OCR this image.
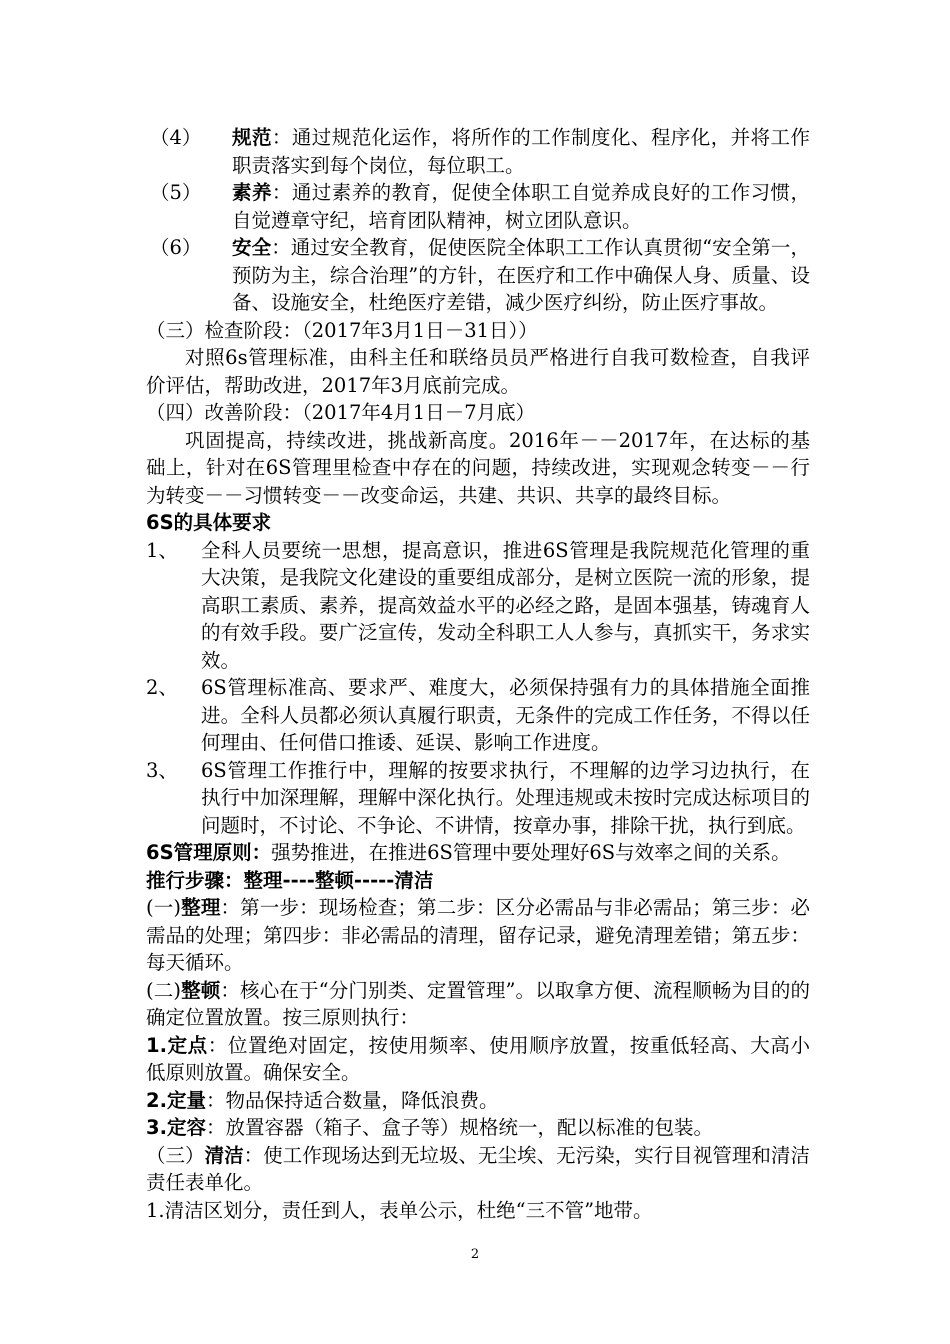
（4）	规范：通过规范化运作，将所作的工作制度化、程序化，并将工作职责落实到每个岗位，每位职工。
（5）	素养：通过素养的教育，促使全体职工自觉养成良好的工作习惯，自觉遵章守纪，培育团队精神，树立团队意识。
（6）	安全：通过安全教育，促使医院全体职工工作认真贯彻“安全第一，预防为主，综合治理”的方针，在医疗和工作中确保人身、质量、设备、设施安全，杜绝医疗差错，减少医疗纠纷，防止医疗事故。

（三）检查阶段：（2017年3月1日－31日））

对照6s管理标准，由科主任和联络员员严格进行自我可数检查，自我评价评估，帮助改进，2017年3月底前完成。

（四）改善阶段：（2017年4月1日－7月底）

巩固提高，持续改进，挑战新高度。2016年－－2017年，在达标的基础上，针对在6S管理里检查中存在的问题，持续改进，实现观念转变－－行为转变－－习惯转变－－改变命运，共建、共识、共享的最终目标。

6S的具体要求

1、	全科人员要统一思想，提高意识，推进6S管理是我院规范化管理的重大决策，是我院文化建设的重要组成部分，是树立医院一流的形象，提高职工素质、素养，提高效益水平的必经之路，是固本强基，铸魂育人的有效手段。要广泛宣传，发动全科职工人人参与，真抓实干，务求实效。
2、	6S管理标准高、要求严、难度大，必须保持强有力的具体措施全面推进。全科人员都必须认真履行职责，无条件的完成工作任务，不得以任何理由、任何借口推诿、延误、影响工作进度。
3、	6S管理工作推行中，理解的按要求执行，不理解的边学习边执行，在执行中加深理解，理解中深化执行。处理违规或未按时完成达标项目的问题时，不讨论、不争论、不讲情，按章办事，排除干扰，执行到底。

6S管理原则：强势推进，在推进6S管理中要处理好6S与效率之间的关系。

推行步骤：整理----整顿-----清洁

(一)整理：第一步：现场检查；第二步：区分必需品与非必需品；第三步：必需品的处理；第四步：非必需品的清理，留存记录，避免清理差错；第五步：每天循环。

(二)整顿：核心在于“分门别类、定置管理”。以取拿方便、流程顺畅为目的的确定位置放置。按三原则执行：

1.定点：位置绝对固定，按使用频率、使用顺序放置，按重低轻高、大高小低原则放置。确保安全。

2.定量：物品保持适合数量，降低浪费。

3.定容：放置容器（箱子、盒子等）规格统一，配以标准的包装。

（三）清洁：使工作现场达到无垃圾、无尘埃、无污染，实行目视管理和清洁责任表单化。

1.清洁区划分，责任到人，表单公示，杜绝“三不管”地带。

2
